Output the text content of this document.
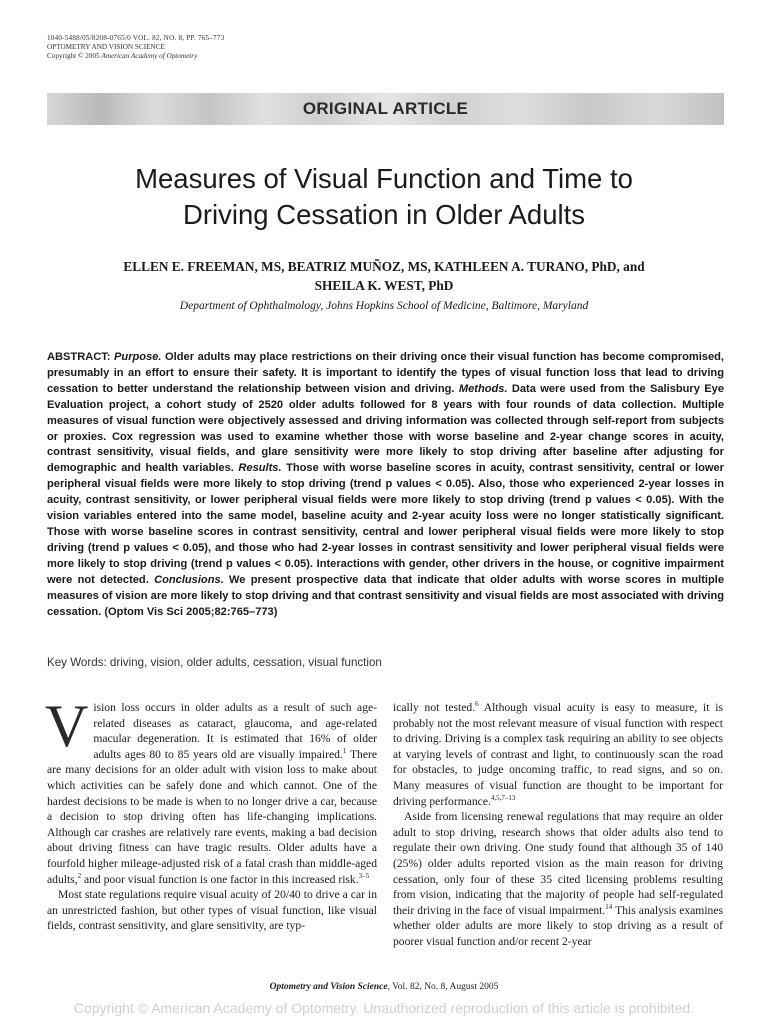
1040-5488/05/8208-0765/0 VOL. 82, NO. 8, PP. 765–773
OPTOMETRY AND VISION SCIENCE
Copyright © 2005 American Academy of Optometry
ORIGINAL ARTICLE
Measures of Visual Function and Time to
Driving Cessation in Older Adults
ELLEN E. FREEMAN, MS, BEATRIZ MUÑOZ, MS, KATHLEEN A. TURANO, PhD, and
SHEILA K. WEST, PhD
Department of Ophthalmology, Johns Hopkins School of Medicine, Baltimore, Maryland
ABSTRACT: Purpose. Older adults may place restrictions on their driving once their visual function has become compromised, presumably in an effort to ensure their safety. It is important to identify the types of visual function loss that lead to driving cessation to better understand the relationship between vision and driving. Methods. Data were used from the Salisbury Eye Evaluation project, a cohort study of 2520 older adults followed for 8 years with four rounds of data collection. Multiple measures of visual function were objectively assessed and driving information was collected through self-report from subjects or proxies. Cox regression was used to examine whether those with worse baseline and 2-year change scores in acuity, contrast sensitivity, visual fields, and glare sensitivity were more likely to stop driving after baseline after adjusting for demographic and health variables. Results. Those with worse baseline scores in acuity, contrast sensitivity, central or lower peripheral visual fields were more likely to stop driving (trend p values < 0.05). Also, those who experienced 2-year losses in acuity, contrast sensitivity, or lower peripheral visual fields were more likely to stop driving (trend p values < 0.05). With the vision variables entered into the same model, baseline acuity and 2-year acuity loss were no longer statistically significant. Those with worse baseline scores in contrast sensitivity, central and lower peripheral visual fields were more likely to stop driving (trend p values < 0.05), and those who had 2-year losses in contrast sensitivity and lower peripheral visual fields were more likely to stop driving (trend p values < 0.05). Interactions with gender, other drivers in the house, or cognitive impairment were not detected. Conclusions. We present prospective data that indicate that older adults with worse scores in multiple measures of vision are more likely to stop driving and that contrast sensitivity and visual fields are most associated with driving cessation. (Optom Vis Sci 2005;82:765–773)
Key Words: driving, vision, older adults, cessation, visual function

Vision loss occurs in older adults as a result of such age-related diseases as cataract, glaucoma, and age-related macular degeneration. It is estimated that 16% of older adults ages 80 to 85 years old are visually impaired.$^1$ There are many decisions for an older adult with vision loss to make about which activities can be safely done and which cannot. One of the hardest decisions to be made is when to no longer drive a car, because a decision to stop driving often has life-changing implications. Although car crashes are relatively rare events, making a bad decision about driving fitness can have tragic results. Older adults have a fourfold higher mileage-adjusted risk of a fatal crash than middle-aged adults,$^2$ and poor visual function is one factor in this increased risk.$^{3-5}$

Most state regulations require visual acuity of 20/40 to drive a car in an unrestricted fashion, but other types of visual function, like visual fields, contrast sensitivity, and glare sensitivity, are typ-

ically not tested.$^6$ Although visual acuity is easy to measure, it is probably not the most relevant measure of visual function with respect to driving. Driving is a complex task requiring an ability to see objects at varying levels of contrast and light, to continuously scan the road for obstacles, to judge oncoming traffic, to read signs, and so on. Many measures of visual function are thought to be important for driving performance.$^{4,5,7-13}$

Aside from licensing renewal regulations that may require an older adult to stop driving, research shows that older adults also tend to regulate their own driving. One study found that although 35 of 140 (25%) older adults reported vision as the main reason for driving cessation, only four of these 35 cited licensing problems resulting from vision, indicating that the majority of people had self-regulated their driving in the face of visual impairment.$^{14}$ This analysis examines whether older adults are more likely to stop driving as a result of poorer visual function and/or recent 2-year

Optometry and Vision Science, Vol. 82, No. 8, August 2005
Copyright © American Academy of Optometry. Unauthorized reproduction of this article is prohibited.
